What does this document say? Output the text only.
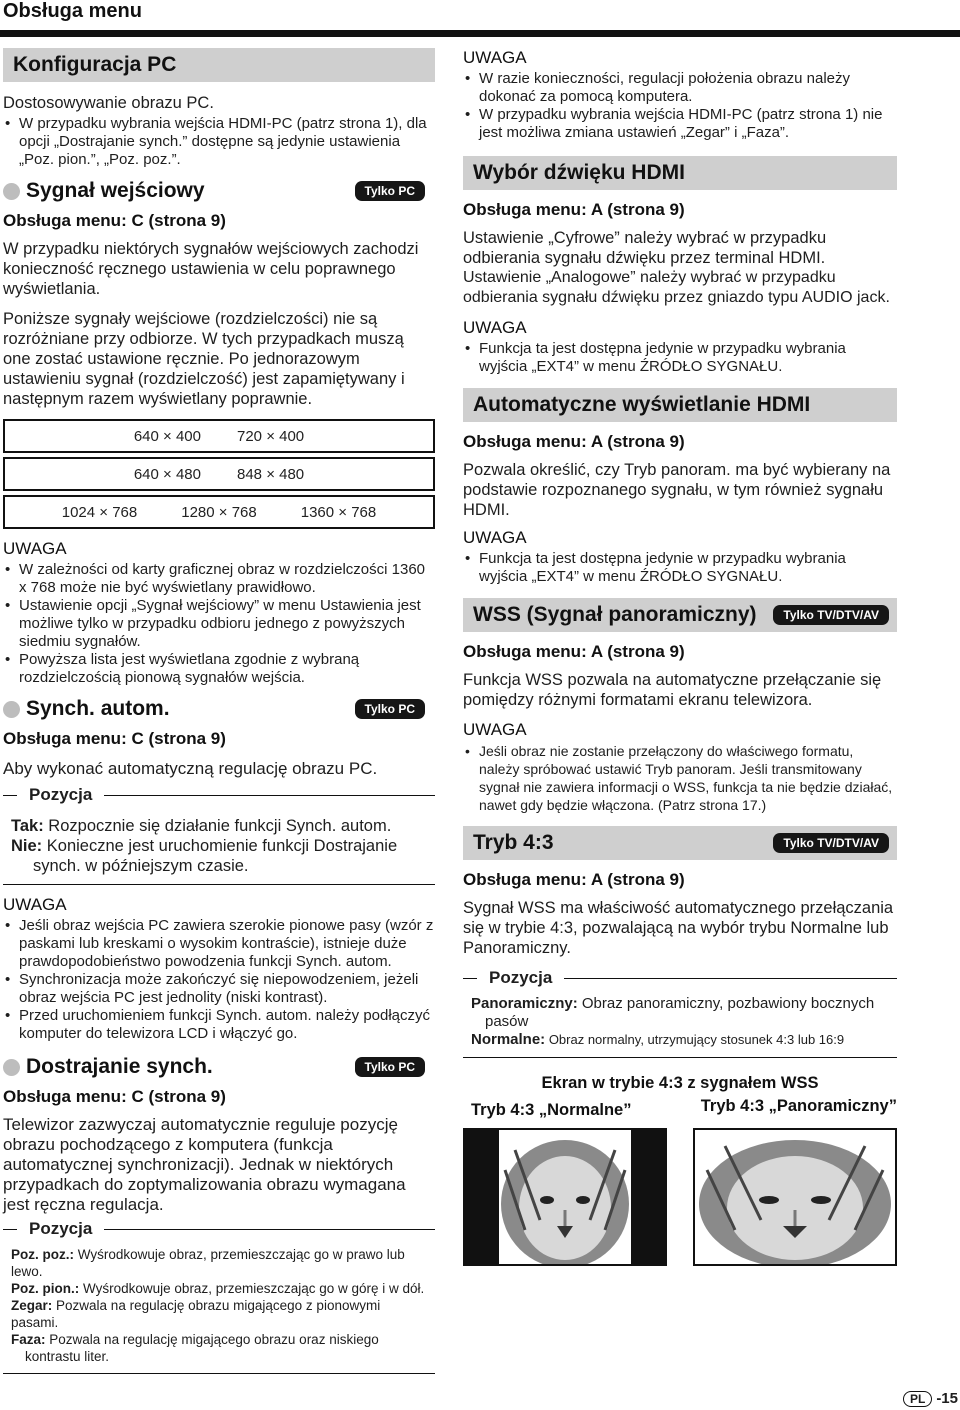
Obsługa menu
Konfiguracja PC

Dostosowywanie obrazu PC.

• W przypadku wybrania wejścia HDMI-PC (patrz strona 1), dla opcji „Dostrajanie synch.” dostępne są jedynie ustawienia „Poz. pion.”, „Poz. poz.”.
Sygnał wejściowy	Tylko PC

Obsługa menu: C (strona 9)

W przypadku niektórych sygnałów wejściowych zachodzi konieczność ręcznego ustawienia w celu poprawnego wyświetlania.

Poniższe sygnały wejściowe (rozdzielczości) nie są rozróżniane przy odbiorze. W tych przypadkach muszą one zostać ustawione ręcznie. Po jednorazowym ustawieniu sygnał (rozdzielczość) jest zapamiętywany i następnym razem wyświetlany poprawnie.

640 × 400 720 × 400
640 × 480 848 × 480
1024 × 768	1280 × 768	1360 × 768

UWAGA

• W zależności od karty graficznej obraz w rozdzielczości 1360 x 768 może nie być wyświetlany prawidłowo.
• Ustawienie opcji „Sygnał wejściowy” w menu Ustawienia jest możliwe tylko w przypadku odbioru jednego z powyższych siedmiu sygnałów.
• Powyższa lista jest wyświetlana zgodnie z wybraną rozdzielczością pionową sygnałów wejścia.
Synch. autom.	Tylko PC

Obsługa menu: C (strona 9)

Aby wykonać automatyczną regulację obrazu PC.

Pozycja
Tak: Rozpocznie się działanie funkcji Synch. autom.
Nie: Konieczne jest uruchomienie funkcji Dostrajanie synch. w późniejszym czasie.

UWAGA

• Jeśli obraz wejścia PC zawiera szerokie pionowe pasy (wzór z paskami lub kreskami o wysokim kontraście), istnieje duże prawdopodobieństwo powodzenia funkcji Synch. autom.
• Synchronizacja może zakończyć się niepowodzeniem, jeżeli obraz wejścia PC jest jednolity (niski kontrast).
• Przed uruchomieniem funkcji Synch. autom. należy podłączyć komputer do telewizora LCD i włączyć go.
Dostrajanie synch.	Tylko PC

Obsługa menu: C (strona 9)

Telewizor zazwyczaj automatycznie reguluje pozycję obrazu pochodzącego z komputera (funkcja automatycznej synchronizacji). Jednak w niektórych przypadkach do zoptymalizowania obrazu wymagana jest ręczna regulacja.

Pozycja
Poz. poz.: Wyśrodkowuje obraz, przemieszczając go w prawo lub lewo.
Poz. pion.: Wyśrodkowuje obraz, przemieszczając go w górę i w dół.
Zegar: Pozwala na regulację obrazu migającego z pionowymi pasami.
Faza: Pozwala na regulację migającego obrazu oraz niskiego kontrastu liter.

UWAGA

• W razie konieczności, regulacji położenia obrazu należy dokonać za pomocą komputera.
• W przypadku wybrania wejścia HDMI-PC (patrz strona 1) nie jest możliwa zmiana ustawień „Zegar” i „Faza”.
Wybór dźwięku HDMI

Obsługa menu: A (strona 9)

Ustawienie „Cyfrowe” należy wybrać w przypadku odbierania sygnału dźwięku przez terminal HDMI.

Ustawienie „Analogowe” należy wybrać w przypadku odbierania sygnału dźwięku przez gniazdo typu AUDIO jack.

UWAGA

• Funkcja ta jest dostępna jedynie w przypadku wybrania wyjścia „EXT4” w menu ŹRÓDŁO SYGNAŁU.
Automatyczne wyświetlanie HDMI

Obsługa menu: A (strona 9)

Pozwala określić, czy Tryb panoram. ma być wybierany na podstawie rozpoznanego sygnału, w tym również sygnału HDMI.

UWAGA

• Funkcja ta jest dostępna jedynie w przypadku wybrania wyjścia „EXT4” w menu ŹRÓDŁO SYGNAŁU.
WSS (Sygnał panoramiczny)	Tylko TV/DTV/AV

Obsługa menu: A (strona 9)

Funkcja WSS pozwala na automatyczne przełączanie się pomiędzy różnymi formatami ekranu telewizora.

UWAGA

• Jeśli obraz nie zostanie przełączony do właściwego formatu, należy spróbować ustawić Tryb panoram. Jeśli transmitowany sygnał nie zawiera informacji o WSS, funkcja ta nie będzie działać, nawet gdy będzie włączona. (Patrz strona 17.)
Tryb 4:3	Tylko TV/DTV/AV

Obsługa menu: A (strona 9)

Sygnał WSS ma właściwość automatycznego przełączania się w trybie 4:3, pozwalającą na wybór trybu Normalne lub Panoramiczny.

Pozycja
Panoramiczny: Obraz panoramiczny, pozbawiony bocznych pasów
Normalne: Obraz normalny, utrzymujący stosunek 4:3 lub 16:9
Ekran w trybie 4:3 z sygnałem WSS
Tryb 4:3 „Normalne”	Tryb 4:3 „Panoramiczny”
PL -15
